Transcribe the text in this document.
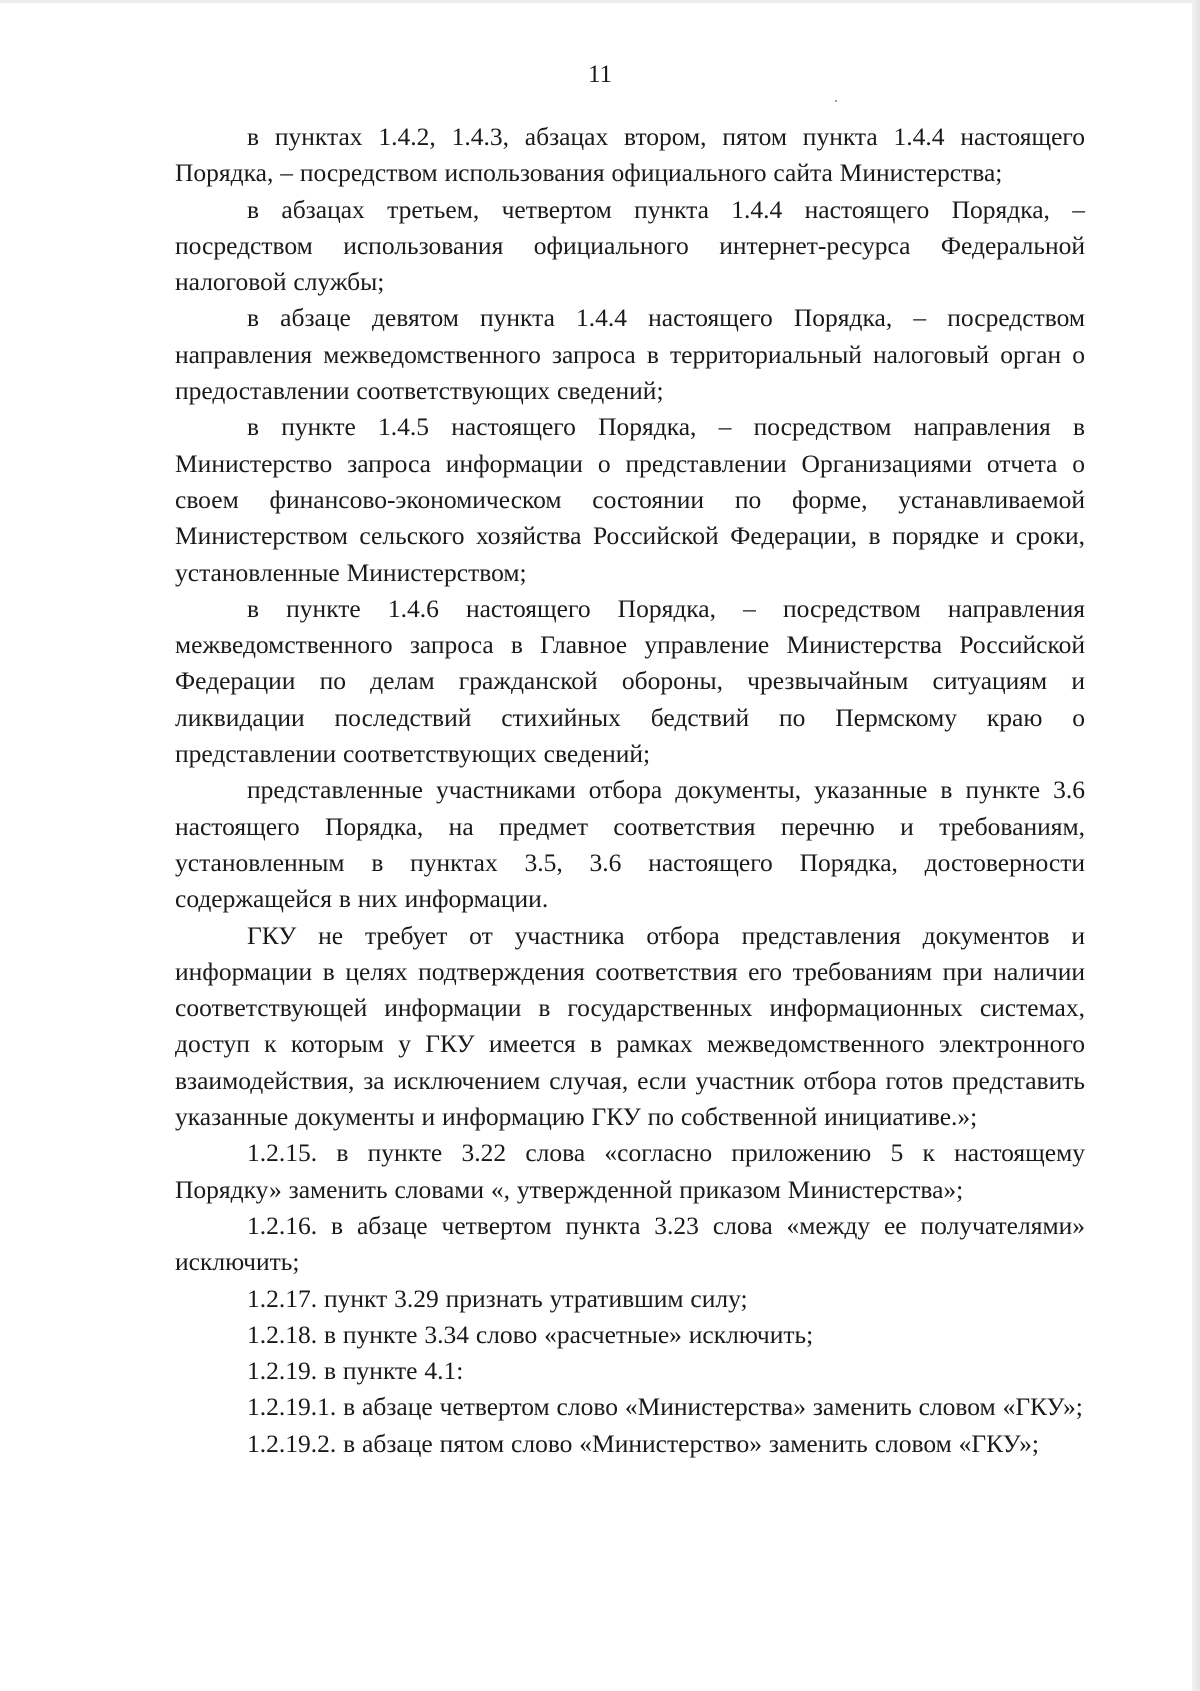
11

в пунктах 1.4.2, 1.4.3, абзацах втором, пятом пункта 1.4.4 настоящего Порядка, – посредством использования официального сайта Министерства;

в абзацах третьем, четвертом пункта 1.4.4 настоящего Порядка, – посредством использования официального интернет-ресурса Федеральной налоговой службы;

в абзаце девятом пункта 1.4.4 настоящего Порядка, – посредством направления межведомственного запроса в территориальный налоговый орган о предоставлении соответствующих сведений;

в пункте 1.4.5 настоящего Порядка, – посредством направления в Министерство запроса информации о представлении Организациями отчета о своем финансово-экономическом состоянии по форме, устанавливаемой Министерством сельского хозяйства Российской Федерации, в порядке и сроки, установленные Министерством;

в пункте 1.4.6 настоящего Порядка, – посредством направления межведомственного запроса в Главное управление Министерства Российской Федерации по делам гражданской обороны, чрезвычайным ситуациям и ликвидации последствий стихийных бедствий по Пермскому краю о представлении соответствующих сведений;

представленные участниками отбора документы, указанные в пункте 3.6 настоящего Порядка, на предмет соответствия перечню и требованиям, установленным в пунктах 3.5, 3.6 настоящего Порядка, достоверности содержащейся в них информации.

ГКУ не требует от участника отбора представления документов и информации в целях подтверждения соответствия его требованиям при наличии соответствующей информации в государственных информационных системах, доступ к которым у ГКУ имеется в рамках межведомственного электронного взаимодействия, за исключением случая, если участник отбора готов представить указанные документы и информацию ГКУ по собственной инициативе.»;

1.2.15. в пункте 3.22 слова «согласно приложению 5 к настоящему Порядку» заменить словами «, утвержденной приказом Министерства»;

1.2.16. в абзаце четвертом пункта 3.23 слова «между ее получателями» исключить;

1.2.17. пункт 3.29 признать утратившим силу;

1.2.18. в пункте 3.34 слово «расчетные» исключить;

1.2.19. в пункте 4.1:

1.2.19.1. в абзаце четвертом слово «Министерства» заменить словом «ГКУ»;

1.2.19.2. в абзаце пятом слово «Министерство» заменить словом «ГКУ»;
